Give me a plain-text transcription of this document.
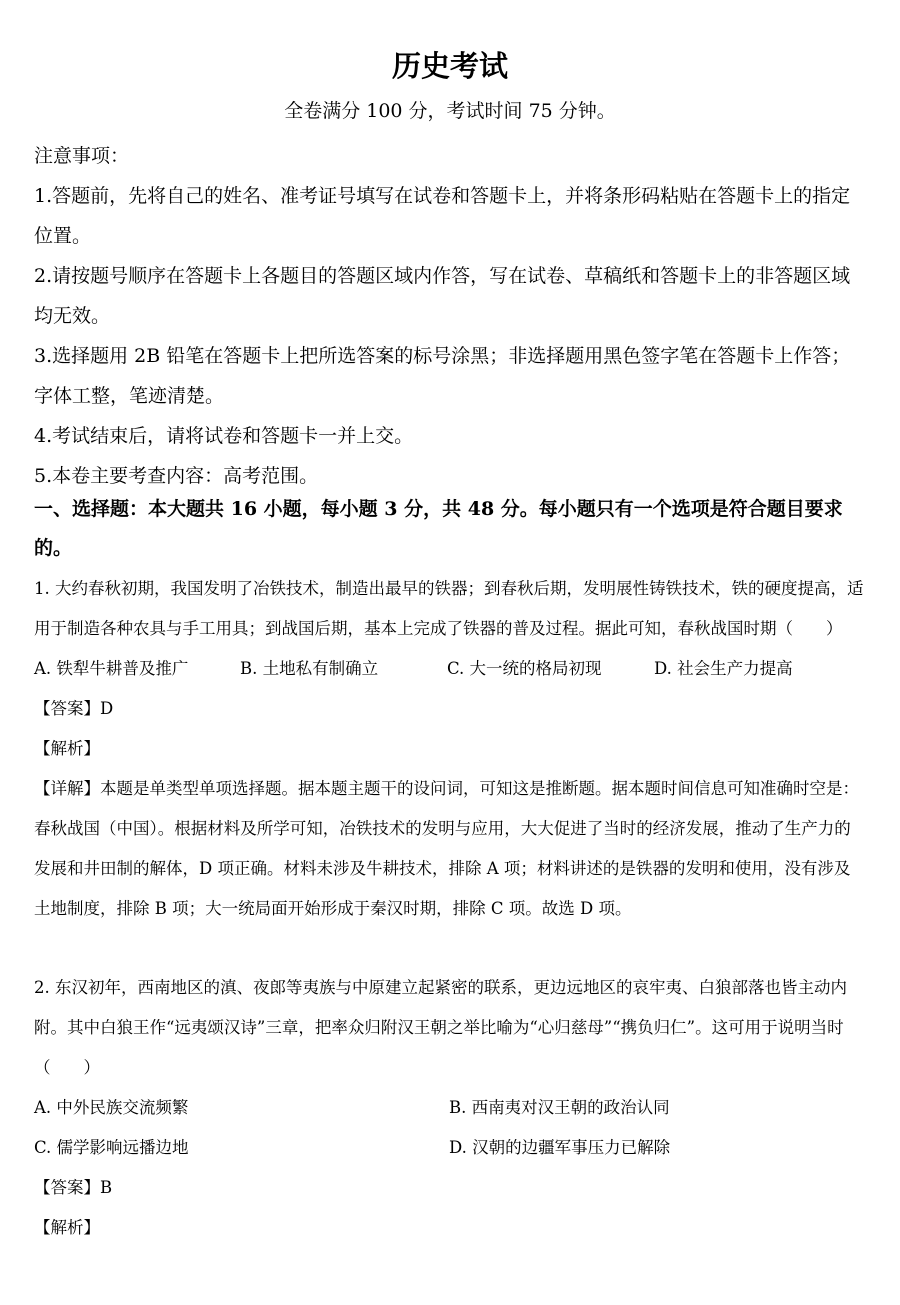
历史考试
全卷满分 100 分，考试时间 75 分钟。

注意事项：

1.答题前，先将自己的姓名、准考证号填写在试卷和答题卡上，并将条形码粘贴在答题卡上的指定位置。

2.请按题号顺序在答题卡上各题目的答题区域内作答，写在试卷、草稿纸和答题卡上的非答题区域均无效。

3.选择题用 2B 铅笔在答题卡上把所选答案的标号涂黑；非选择题用黑色签字笔在答题卡上作答；字体工整，笔迹清楚。

4.考试结束后，请将试卷和答题卡一并上交。

5.本卷主要考查内容：高考范围。

一、选择题：本大题共 16 小题，每小题 3 分，共 48 分。每小题只有一个选项是符合题目要求的。

1. 大约春秋初期，我国发明了冶铁技术，制造出最早的铁器；到春秋后期，发明展性铸铁技术，铁的硬度提高，适用于制造各种农具与手工用具；到战国后期，基本上完成了铁器的普及过程。据此可知，春秋战国时期（　　）

A. 铁犁牛耕普及推广	B. 土地私有制确立	C. 大一统的格局初现	D. 社会生产力提高

【答案】D

【解析】

【详解】本题是单类型单项选择题。据本题主题干的设问词，可知这是推断题。据本题时间信息可知准确时空是：春秋战国（中国）。根据材料及所学可知，冶铁技术的发明与应用，大大促进了当时的经济发展，推动了生产力的发展和井田制的解体，D 项正确。材料未涉及牛耕技术，排除 A 项；材料讲述的是铁器的发明和使用，没有涉及土地制度，排除 B 项；大一统局面开始形成于秦汉时期，排除 C 项。故选 D 项。

2. 东汉初年，西南地区的滇、夜郎等夷族与中原建立起紧密的联系，更边远地区的哀牢夷、白狼部落也皆主动内附。其中白狼王作“远夷颂汉诗”三章，把率众归附汉王朝之举比喻为“心归慈母”“携负归仁”。这可用于说明当时（　　）

A. 中外民族交流频繁	B. 西南夷对汉王朝的政治认同
C. 儒学影响远播边地	D. 汉朝的边疆军事压力已解除

【答案】B

【解析】
